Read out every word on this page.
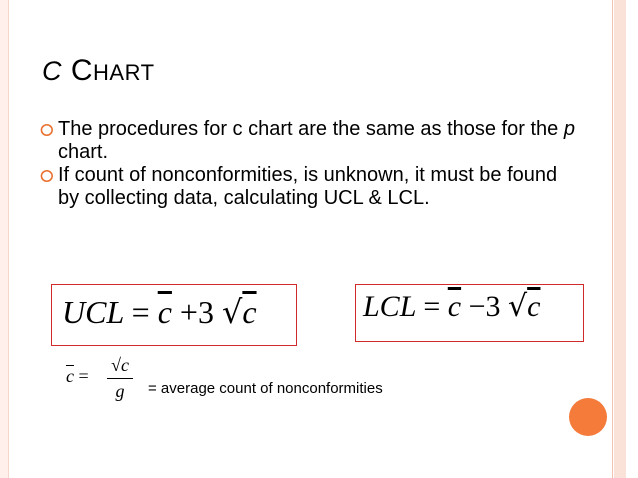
C CHART
⭘ The procedures for c chart are the same as those for the p chart.
⭘ If count of nonconformities, is unknown, it must be found by collecting data, calculating UCL & LCL.
UCL = $\overline{c} +3$ √c	LCL = $\overline{c} -3$ √c
$\overline{c}$ =
√c
g	= average count of nonconformities
